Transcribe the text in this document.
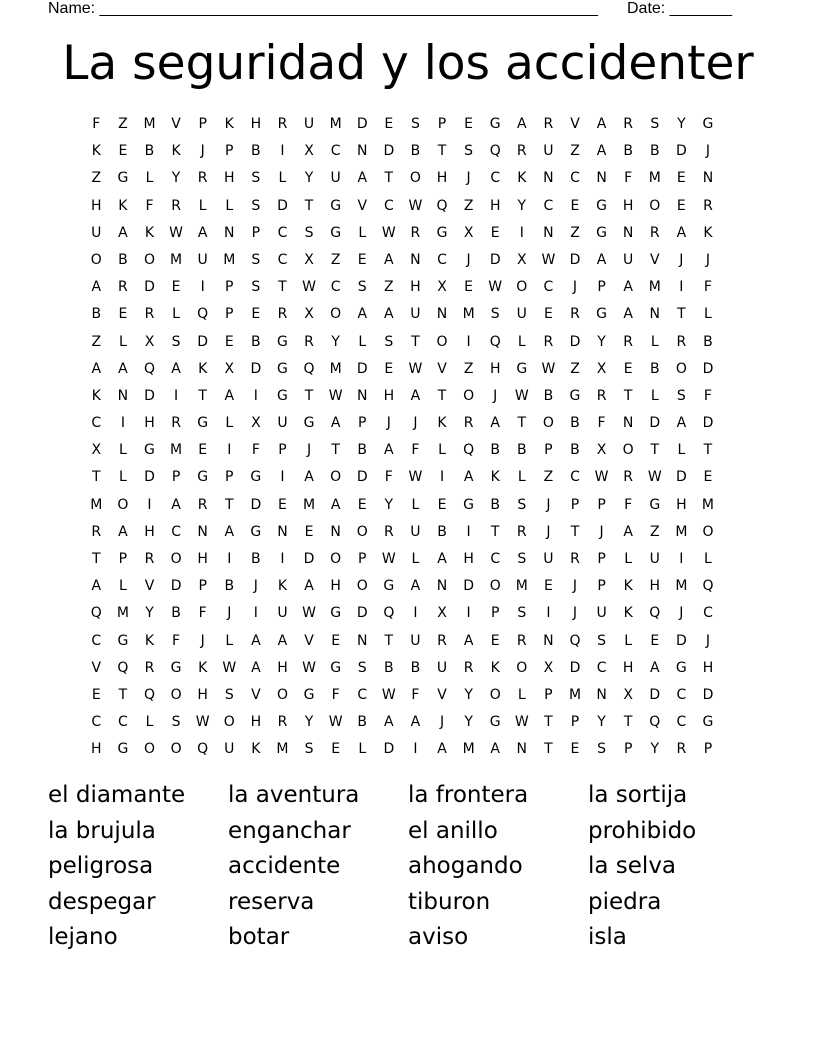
Name: ________________________________________________________ Date: _______
La seguridad y los accidenter
F	Z	M	V	P	K	H	R	U	M	D	E	S	P	E	G	A	R	V	A	R	S	Y	G
K	E	B	K	J	P	B	I	X	C	N	D	B	T	S	Q	R	U	Z	A	B	B	D	J
Z	G	L	Y	R	H	S	L	Y	U	A	T	O	H	J	C	K	N	C	N	F	M	E	N
H	K	F	R	L	L	S	D	T	G	V	C	W	Q	Z	H	Y	C	E	G	H	O	E	R
U	A	K	W	A	N	P	C	S	G	L	W	R	G	X	E	I	N	Z	G	N	R	A	K
O	B	O	M	U	M	S	C	X	Z	E	A	N	C	J	D	X	W	D	A	U	V	J	J
A	R	D	E	I	P	S	T	W	C	S	Z	H	X	E	W	O	C	J	P	A	M	I	F
B	E	R	L	Q	P	E	R	X	O	A	A	U	N	M	S	U	E	R	G	A	N	T	L
Z	L	X	S	D	E	B	G	R	Y	L	S	T	O	I	Q	L	R	D	Y	R	L	R	B
A	A	Q	A	K	X	D	G	Q	M	D	E	W	V	Z	H	G	W	Z	X	E	B	O	D
K	N	D	I	T	A	I	G	T	W	N	H	A	T	O	J	W	B	G	R	T	L	S	F
C	I	H	R	G	L	X	U	G	A	P	J	J	K	R	A	T	O	B	F	N	D	A	D
X	L	G	M	E	I	F	P	J	T	B	A	F	L	Q	B	B	P	B	X	O	T	L	T
T	L	D	P	G	P	G	I	A	O	D	F	W	I	A	K	L	Z	C	W	R	W	D	E
M	O	I	A	R	T	D	E	M	A	E	Y	L	E	G	B	S	J	P	P	F	G	H	M
R	A	H	C	N	A	G	N	E	N	O	R	U	B	I	T	R	J	T	J	A	Z	M	O
T	P	R	O	H	I	B	I	D	O	P	W	L	A	H	C	S	U	R	P	L	U	I	L
A	L	V	D	P	B	J	K	A	H	O	G	A	N	D	O	M	E	J	P	K	H	M	Q
Q	M	Y	B	F	J	I	U	W	G	D	Q	I	X	I	P	S	I	J	U	K	Q	J	C
C	G	K	F	J	L	A	A	V	E	N	T	U	R	A	E	R	N	Q	S	L	E	D	J
V	Q	R	G	K	W	A	H	W	G	S	B	B	U	R	K	O	X	D	C	H	A	G	H
E	T	Q	O	H	S	V	O	G	F	C	W	F	V	Y	O	L	P	M	N	X	D	C	D
C	C	L	S	W	O	H	R	Y	W	B	A	A	J	Y	G	W	T	P	Y	T	Q	C	G
H	G	O	O	Q	U	K	M	S	E	L	D	I	A	M	A	N	T	E	S	P	Y	R	P
el diamante	la aventura	la frontera	la sortija
la brujula	enganchar	el anillo	prohibido
peligrosa	accidente	ahogando	la selva
despegar	reserva	tiburon	piedra
lejano	botar	aviso	isla
